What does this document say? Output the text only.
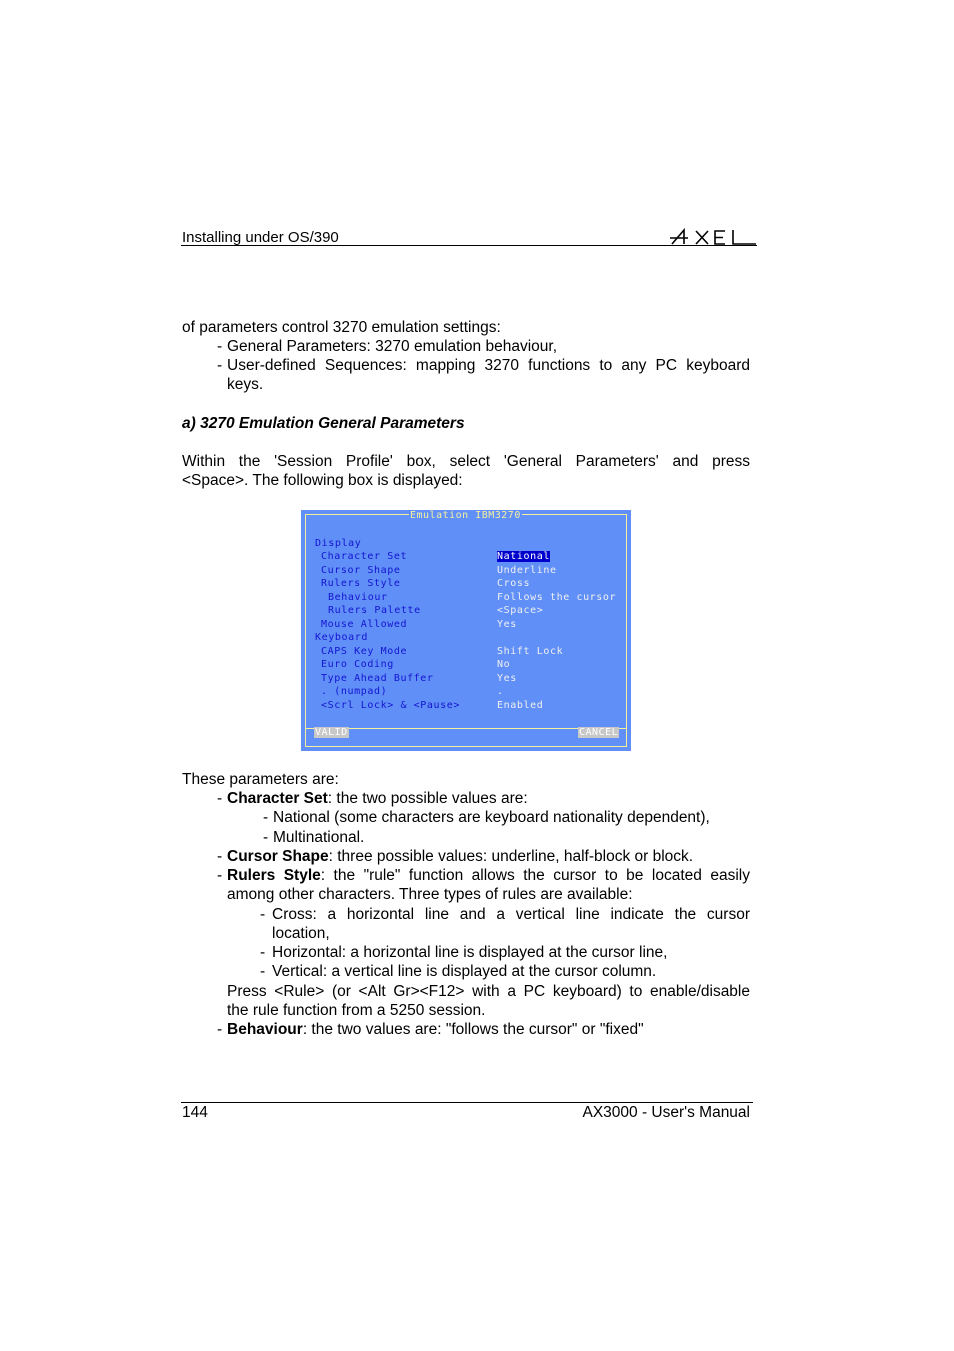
Installing under OS/390
of parameters control 3270 emulation settings:
- General Parameters: 3270 emulation behaviour,
- User-defined Sequences: mapping 3270 functions to any PC keyboard
keys.
a) 3270 Emulation General Parameters
Within the 'Session Profile' box, select 'General Parameters' and press
<Space>. The following box is displayed:
Emulation IBM3270
Display
Character Set	National
Cursor Shape	Underline
Rulers Style	Cross
Behaviour	Follows the cursor
Rulers Palette	<Space>
Mouse Allowed	Yes
Keyboard
CAPS Key Mode	Shift Lock
Euro Coding	No
Type Ahead Buffer	Yes
. (numpad)	.
<Scrl Lock> & <Pause>	Enabled
VALID	CANCEL
These parameters are:
- Character Set: the two possible values are:
- National (some characters are keyboard nationality dependent),
- Multinational.
- Cursor Shape: three possible values: underline, half-block or block.
- Rulers Style: the "rule" function allows the cursor to be located easily
among other characters. Three types of rules are available:
- Cross: a horizontal line and a vertical line indicate the cursor
location,
- Horizontal: a horizontal line is displayed at the cursor line,
- Vertical: a vertical line is displayed at the cursor column.
Press <Rule> (or <Alt Gr><F12> with a PC keyboard) to enable/disable
the rule function from a 5250 session.
- Behaviour: the two values are: "follows the cursor" or "fixed"
144	AX3000 - User's Manual
